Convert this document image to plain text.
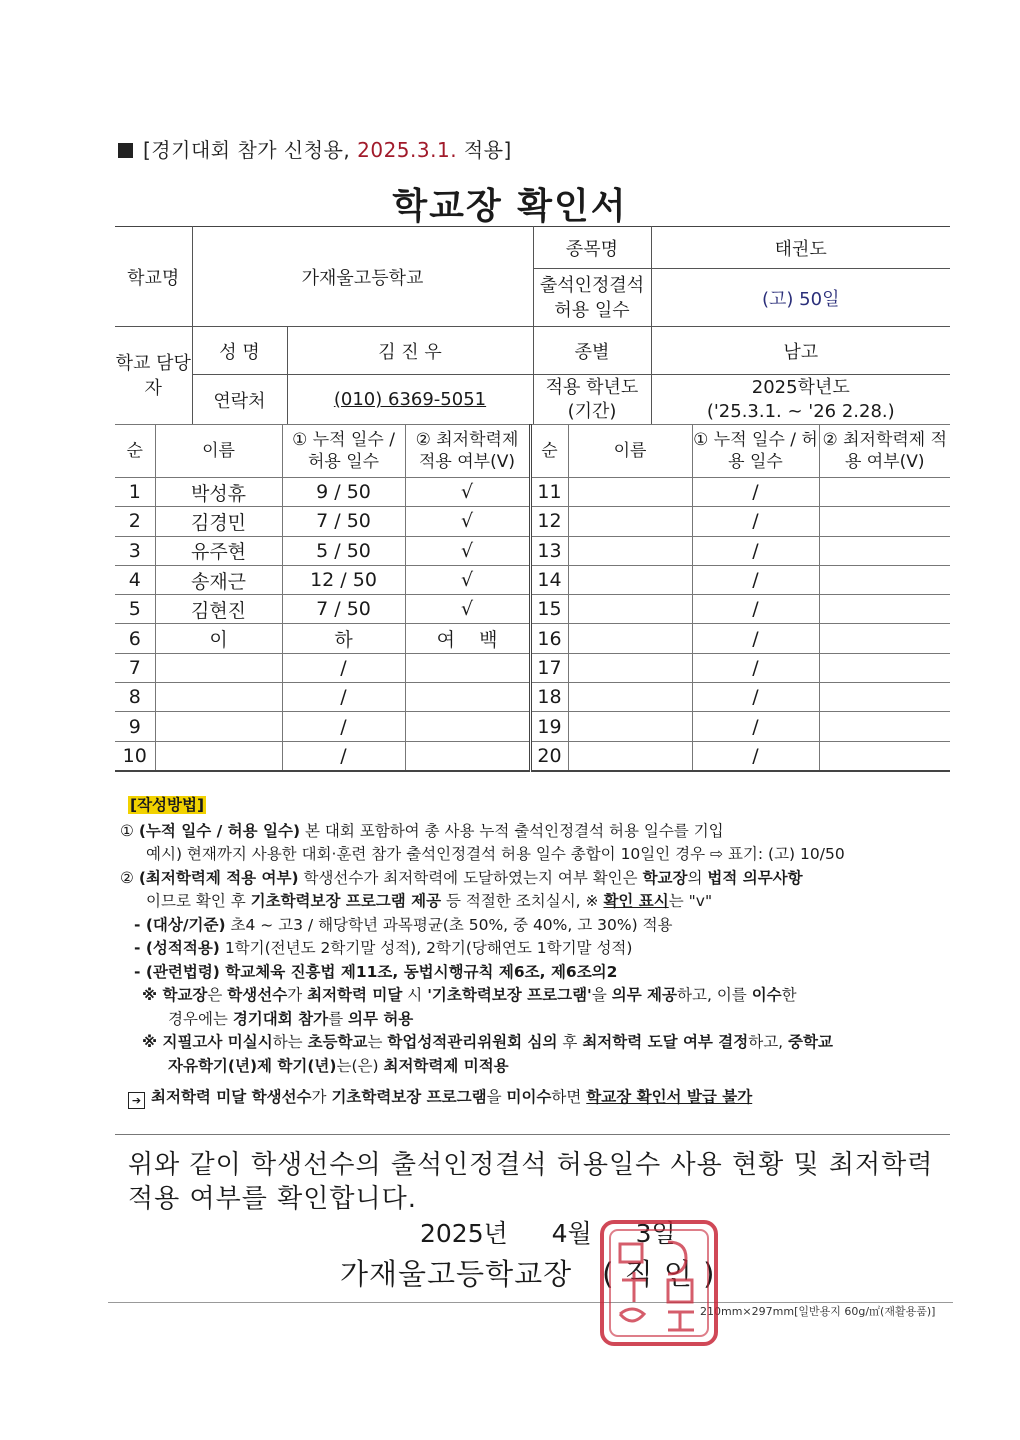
[경기대회 참가 신청용, 2025.3.1. 적용]
학교장 확인서
학교명	가재울고등학교		종목명	태권도
			출석인정결석 허용 일수	(고) 50일
학교 담당자	성 명	김 진 우	종별	남고
	연락처	(010) 6369-5051	적용 학년도 (기간)	2025학년도
('25.3.1. ~ '26 2.28.)
순	이름	① 누적 일수 / 허용 일수	② 최저학력제 적용 여부(V)	순	이름	① 누적 일수 / 허용 일수	② 최저학력제 적용 여부(V)
1	박성휴	9 / 50	√	11		/	
2	김경민	7 / 50	√	12		/	
3	유주현	5 / 50	√	13		/	
4	송재근	12 / 50	√	14		/	
5	김현진	7 / 50	√	15		/	
6	이	하	여    백	16		/	
7		/		17		/	
8		/		18		/	
9		/		19		/	
10		/		20		/	
[작성방법]
① (누적 일수 / 허용 일수) 본 대회 포함하여 총 사용 누적 출석인정결석 허용 일수를 기입
예시) 현재까지 사용한 대회·훈련 참가 출석인정결석 허용 일수 총합이 10일인 경우 ⇨ 표기: (고) 10/50
② (최저학력제 적용 여부) 학생선수가 최저학력에 도달하였는지 여부 확인은 학교장의 법적 의무사항
이므로 확인 후 기초학력보장 프로그램 제공 등 적절한 조치실시, ※ 확인 표시는 "v"
- (대상/기준) 초4 ~ 고3 / 해당학년 과목평균(초 50%, 중 40%, 고 30%) 적용
- (성적적용) 1학기(전년도 2학기말 성적), 2학기(당해연도 1학기말 성적)
- (관련법령) 학교체육 진흥법 제11조, 동법시행규칙 제6조, 제6조의2
※ 학교장은 학생선수가 최저학력 미달 시 '기초학력보장 프로그램'을 의무 제공하고, 이를 이수한
경우에는 경기대회 참가를 의무 허용
※ 지필고사 미실시하는 초등학교는 학업성적관리위원회 심의 후 최저학력 도달 여부 결정하고, 중학교
자유학기(년)제 학기(년)는(은) 최저학력제 미적용
➔ 최저학력 미달 학생선수가 기초학력보장 프로그램을 미이수하면 학교장 확인서 발급 불가
위와 같이 학생선수의 출석인정결석 허용일수 사용 현황 및 최저학력 적용 여부를 확인합니다.
2025년  4월  3일
가재울고등학교장 ( 직 인 )
210mm×297mm[일반용지 60g/㎡(재활용품)]
